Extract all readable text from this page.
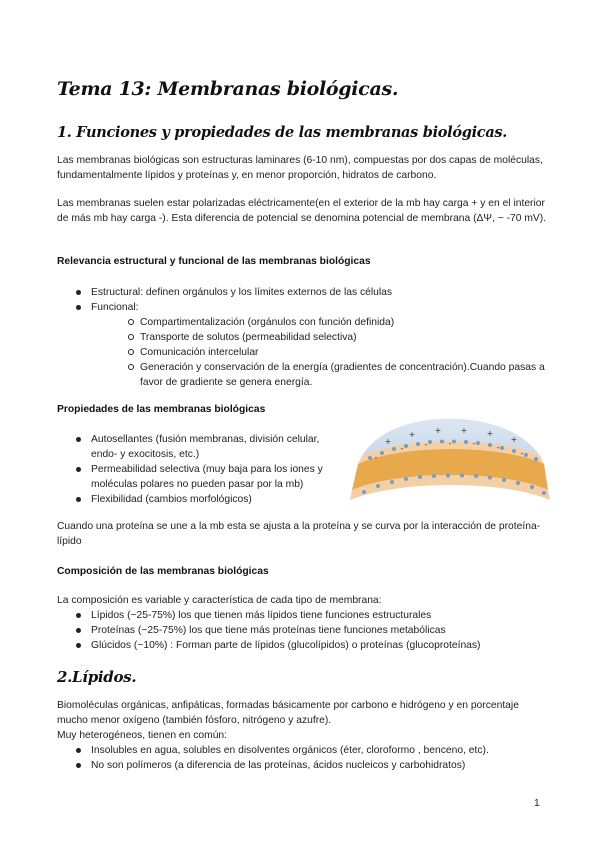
Tema 13: Membranas biológicas.
1. Funciones y propiedades de las membranas biológicas.
Las membranas biológicas son estructuras laminares (6-10 nm), compuestas por dos capas de moléculas, fundamentalmente lípidos y proteínas y, en menor proporción, hidratos de carbono.
Las membranas suelen estar polarizadas eléctricamente(en el exterior de la mb hay carga + y en el interior de más mb hay carga -). Esta diferencia de potencial se denomina potencial de membrana (ΔΨ, ~ -70 mV).
Relevancia estructural y funcional de las membranas biológicas
Estructural: definen orgánulos y los límites externos de las células
Funcional:
Compartimentalización (orgánulos con función definida)
Transporte de solutos (permeabilidad selectiva)
Comunicación intercelular
Generación y conservación de la energía (gradientes de concentración).Cuando pasas a favor de gradiente se genera energía.
Propiedades de las membranas biológicas
Autosellantes (fusión membranas, división celular, endo- y exocitosis, etc.)
Permeabilidad selectiva (muy baja para los iones y moléculas polares no pueden pasar por la mb)
Flexibilidad (cambios morfológicos)
+
+ + + +
+
-
-	-	-	-	-
-
Cuando una proteína se une a la mb esta se ajusta a la proteína y se curva por la interacción de proteína-lípido
Composición de las membranas biológicas
La composición es variable y característica de cada tipo de membrana:
Lípidos (~25-75%) los que tienen más lípidos tiene funciones estructurales
Proteínas (~25-75%) los que tiene más proteínas tiene funciones metabólicas
Glúcidos (~10%) : Forman parte de lípidos (glucolípidos) o proteínas (glucoproteínas)
2.Lípidos.
Biomoléculas orgánicas, anfipáticas, formadas básicamente por carbono e hidrógeno y en porcentaje mucho menor oxígeno (también fósforo, nitrógeno y azufre).
Muy heterogéneos, tienen en común:
Insolubles en agua, solubles en disolventes orgánicos (éter, cloroformo , benceno, etc).
No son polímeros (a diferencia de las proteínas, ácidos nucleicos y carbohidratos)
1
